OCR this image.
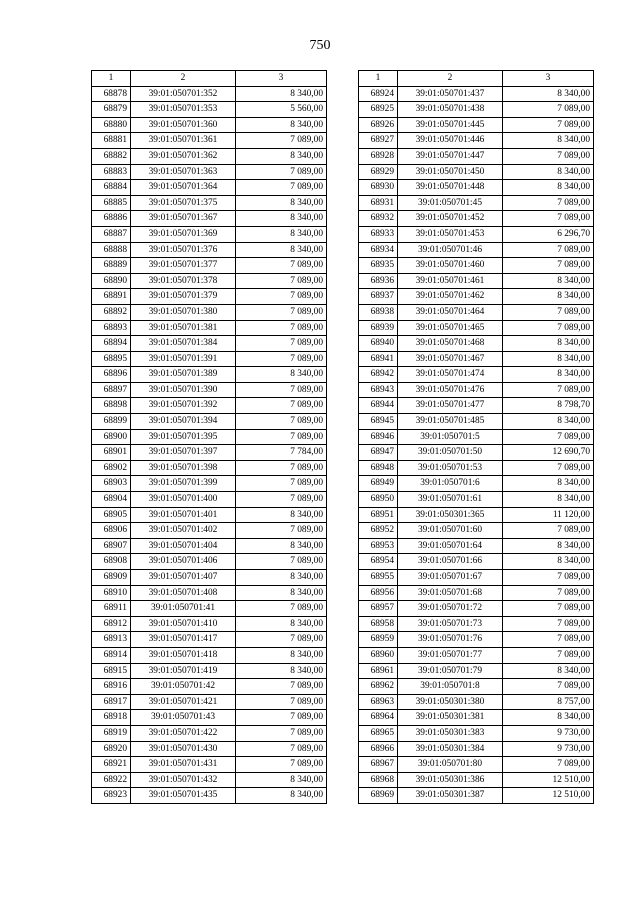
750
1	2	3
68878	39:01:050701:352	8 340,00
68879	39:01:050701:353	5 560,00
68880	39:01:050701:360	8 340,00
68881	39:01:050701:361	7 089,00
68882	39:01:050701:362	8 340,00
68883	39:01:050701:363	7 089,00
68884	39:01:050701:364	7 089,00
68885	39:01:050701:375	8 340,00
68886	39:01:050701:367	8 340,00
68887	39:01:050701:369	8 340,00
68888	39:01:050701:376	8 340,00
68889	39:01:050701:377	7 089,00
68890	39:01:050701:378	7 089,00
68891	39:01:050701:379	7 089,00
68892	39:01:050701:380	7 089,00
68893	39:01:050701:381	7 089,00
68894	39:01:050701:384	7 089,00
68895	39:01:050701:391	7 089,00
68896	39:01:050701:389	8 340,00
68897	39:01:050701:390	7 089,00
68898	39:01:050701:392	7 089,00
68899	39:01:050701:394	7 089,00
68900	39:01:050701:395	7 089,00
68901	39:01:050701:397	7 784,00
68902	39:01:050701:398	7 089,00
68903	39:01:050701:399	7 089,00
68904	39:01:050701:400	7 089,00
68905	39:01:050701:401	8 340,00
68906	39:01:050701:402	7 089,00
68907	39:01:050701:404	8 340,00
68908	39:01:050701:406	7 089,00
68909	39:01:050701:407	8 340,00
68910	39:01:050701:408	8 340,00
68911	39:01:050701:41	7 089,00
68912	39:01:050701:410	8 340,00
68913	39:01:050701:417	7 089,00
68914	39:01:050701:418	8 340,00
68915	39:01:050701:419	8 340,00
68916	39:01:050701:42	7 089,00
68917	39:01:050701:421	7 089,00
68918	39:01:050701:43	7 089,00
68919	39:01:050701:422	7 089,00
68920	39:01:050701:430	7 089,00
68921	39:01:050701:431	7 089,00
68922	39:01:050701:432	8 340,00
68923	39:01:050701:435	8 340,00
1	2	3
68924	39:01:050701:437	8 340,00
68925	39:01:050701:438	7 089,00
68926	39:01:050701:445	7 089,00
68927	39:01:050701:446	8 340,00
68928	39:01:050701:447	7 089,00
68929	39:01:050701:450	8 340,00
68930	39:01:050701:448	8 340,00
68931	39:01:050701:45	7 089,00
68932	39:01:050701:452	7 089,00
68933	39:01:050701:453	6 296,70
68934	39:01:050701:46	7 089,00
68935	39:01:050701:460	7 089,00
68936	39:01:050701:461	8 340,00
68937	39:01:050701:462	8 340,00
68938	39:01:050701:464	7 089,00
68939	39:01:050701:465	7 089,00
68940	39:01:050701:468	8 340,00
68941	39:01:050701:467	8 340,00
68942	39:01:050701:474	8 340,00
68943	39:01:050701:476	7 089,00
68944	39:01:050701:477	8 798,70
68945	39:01:050701:485	8 340,00
68946	39:01:050701:5	7 089,00
68947	39:01:050701:50	12 690,70
68948	39:01:050701:53	7 089,00
68949	39:01:050701:6	8 340,00
68950	39:01:050701:61	8 340,00
68951	39:01:050301:365	11 120,00
68952	39:01:050701:60	7 089,00
68953	39:01:050701:64	8 340,00
68954	39:01:050701:66	8 340,00
68955	39:01:050701:67	7 089,00
68956	39:01:050701:68	7 089,00
68957	39:01:050701:72	7 089,00
68958	39:01:050701:73	7 089,00
68959	39:01:050701:76	7 089,00
68960	39:01:050701:77	7 089,00
68961	39:01:050701:79	8 340,00
68962	39:01:050701:8	7 089,00
68963	39:01:050301:380	8 757,00
68964	39:01:050301:381	8 340,00
68965	39:01:050301:383	9 730,00
68966	39:01:050301:384	9 730,00
68967	39:01:050701:80	7 089,00
68968	39:01:050301:386	12 510,00
68969	39:01:050301:387	12 510,00
